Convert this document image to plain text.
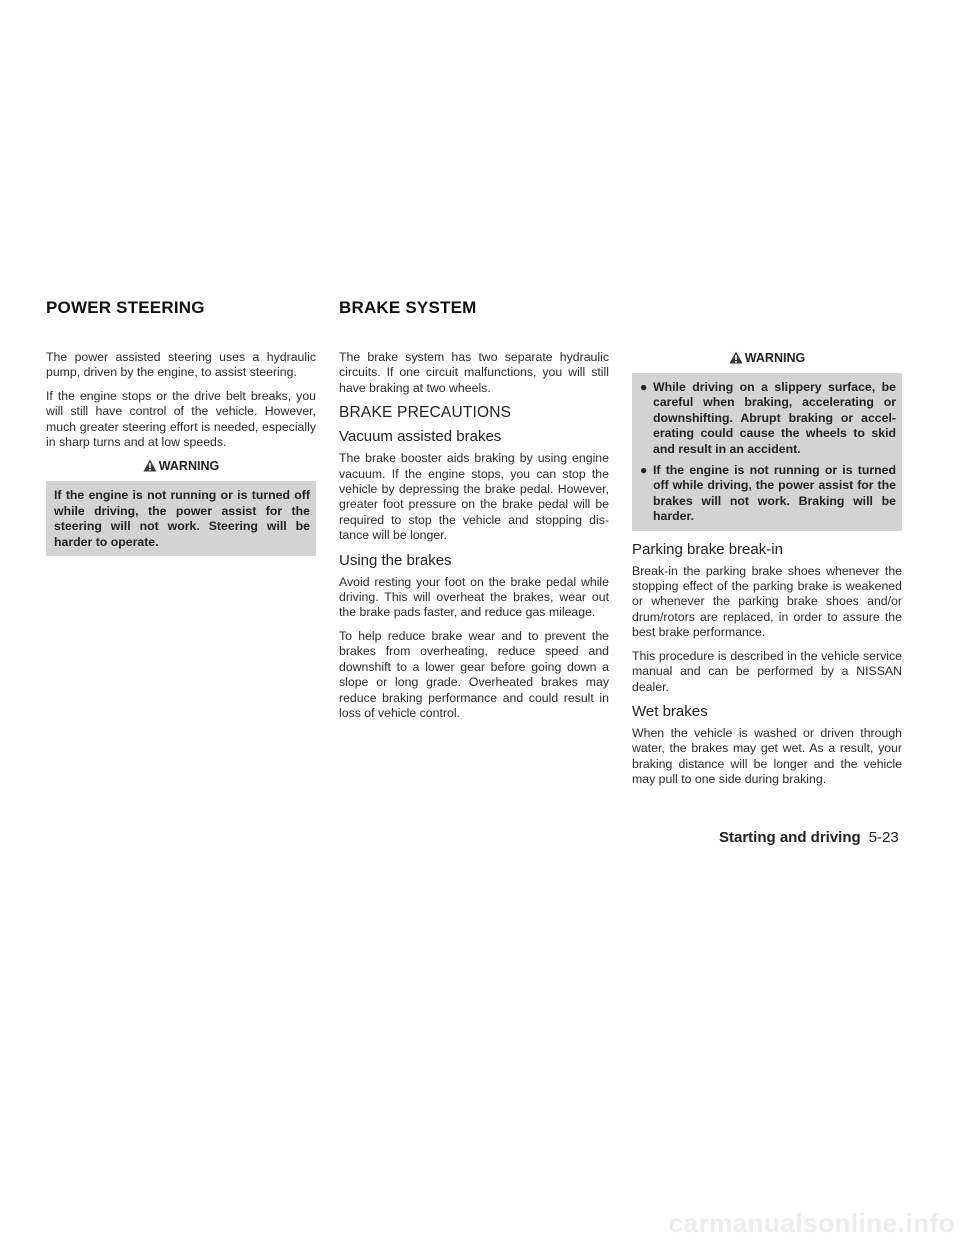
POWER STEERING	BRAKE SYSTEM

The power assisted steering uses a hydraulic pump, driven by the engine, to assist steering.

If the engine stops or the drive belt breaks, you will still have control of the vehicle. However, much greater steering effort is needed, especially in sharp turns and at low speeds.

WARNING
If the engine is not running or is turned off while driving, the power assist for the steering will not work. Steering will be harder to operate.

The brake system has two separate hydraulic circuits. If one circuit malfunctions, you will still have braking at two wheels.

BRAKE PRECAUTIONS
Vacuum assisted brakes

The brake booster aids braking by using engine vacuum. If the engine stops, you can stop the vehicle by depressing the brake pedal. However, greater foot pressure on the brake pedal will be required to stop the vehicle and stopping dis- tance will be longer.

Using the brakes

Avoid resting your foot on the brake pedal while driving. This will overheat the brakes, wear out the brake pads faster, and reduce gas mileage.

To help reduce brake wear and to prevent the brakes from overheating, reduce speed and downshift to a lower gear before going down a slope or long grade. Overheated brakes may reduce braking performance and could result in loss of vehicle control.

WARNING
● While driving on a slippery surface, be careful when braking, accelerating or downshifting. Abrupt braking or accel- erating could cause the wheels to skid and result in an accident.
● If the engine is not running or is turned off while driving, the power assist for the brakes will not work. Braking will be harder.
Parking brake break-in

Break-in the parking brake shoes whenever the stopping effect of the parking brake is weakened or whenever the parking brake shoes and/or drum/rotors are replaced, in order to assure the best brake performance.

This procedure is described in the vehicle service manual and can be performed by a NISSAN dealer.

Wet brakes

When the vehicle is washed or driven through water, the brakes may get wet. As a result, your braking distance will be longer and the vehicle may pull to one side during braking.

Starting and driving 5-23
carmanualsonline.info
